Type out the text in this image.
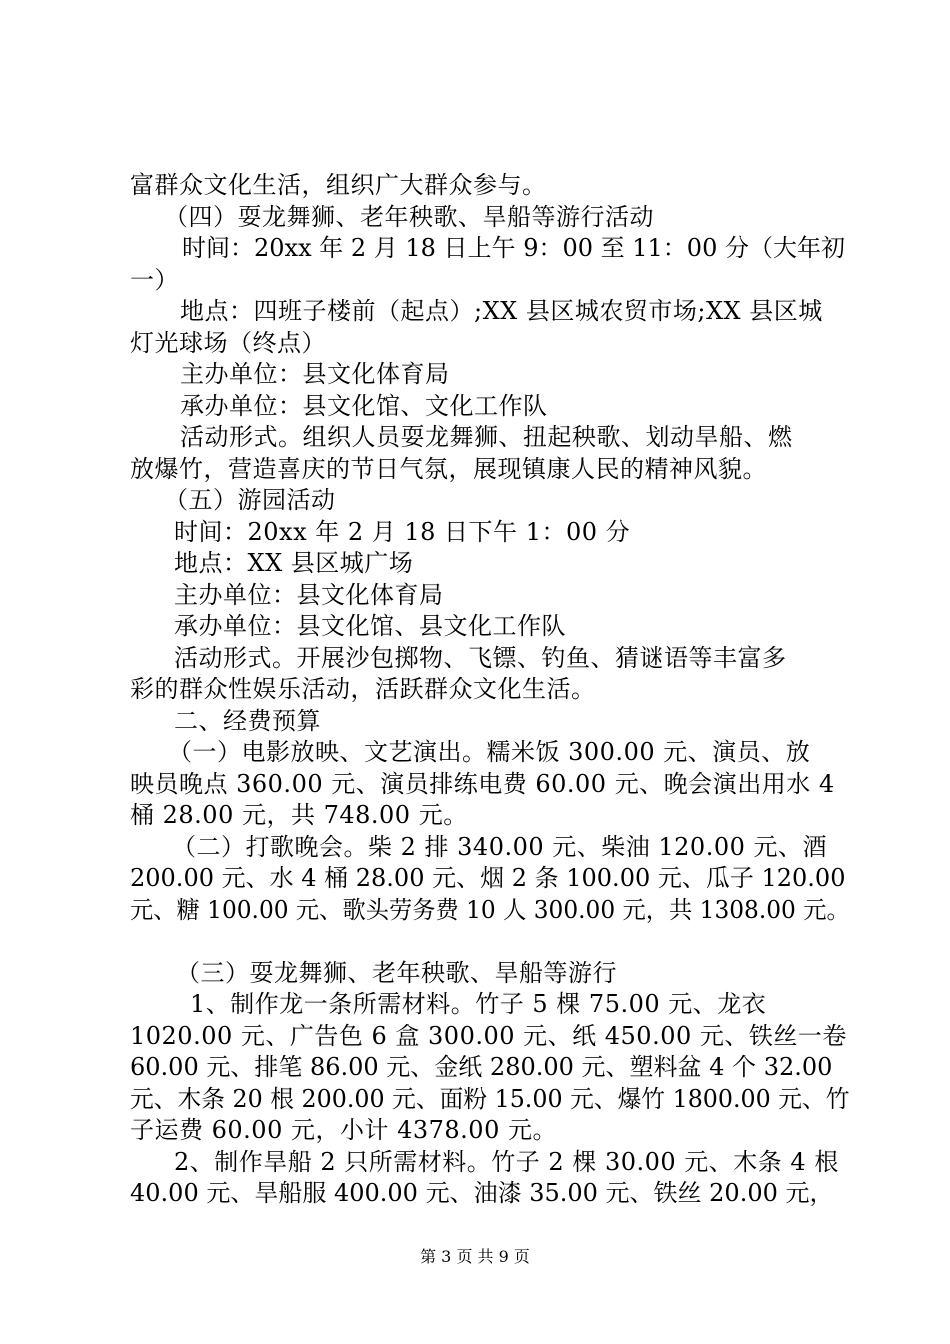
富群众文化生活，组织广大群众参与。
（四）耍龙舞狮、老年秧歌、旱船等游行活动
时间：20xx 年 2 月 18 日上午 9：00 至 11：00 分（大年初
一）
地点：四班子楼前（起点）;XX 县区城农贸市场;XX 县区城
灯光球场（终点）
主办单位：县文化体育局
承办单位：县文化馆、文化工作队
活动形式。组织人员耍龙舞狮、扭起秧歌、划动旱船、燃
放爆竹，营造喜庆的节日气氛，展现镇康人民的精神风貌。
（五）游园活动
时间：20xx 年 2 月 18 日下午 1：00 分
地点：XX 县区城广场
主办单位：县文化体育局
承办单位：县文化馆、县文化工作队
活动形式。开展沙包掷物、飞镖、钓鱼、猜谜语等丰富多
彩的群众性娱乐活动，活跃群众文化生活。
二、经费预算
（一）电影放映、文艺演出。糯米饭 300.00 元、演员、放
映员晚点 360.00 元、演员排练电费 60.00 元、晚会演出用水 4
桶 28.00 元，共 748.00 元。
（二）打歌晚会。柴 2 排 340.00 元、柴油 120.00 元、酒
200.00 元、水 4 桶 28.00 元、烟 2 条 100.00 元、瓜子 120.00
元、糖 100.00 元、歌头劳务费 10 人 300.00 元，共 1308.00 元。
（三）耍龙舞狮、老年秧歌、旱船等游行
1、制作龙一条所需材料。竹子 5 棵 75.00 元、龙衣
1020.00 元、广告色 6 盒 300.00 元、纸 450.00 元、铁丝一卷
60.00 元、排笔 86.00 元、金纸 280.00 元、塑料盆 4 个 32.00
元、木条 20 根 200.00 元、面粉 15.00 元、爆竹 1800.00 元、竹
子运费 60.00 元，小计 4378.00 元。
2、制作旱船 2 只所需材料。竹子 2 棵 30.00 元、木条 4 根
40.00 元、旱船服 400.00 元、油漆 35.00 元、铁丝 20.00 元，
第 3 页 共 9 页
